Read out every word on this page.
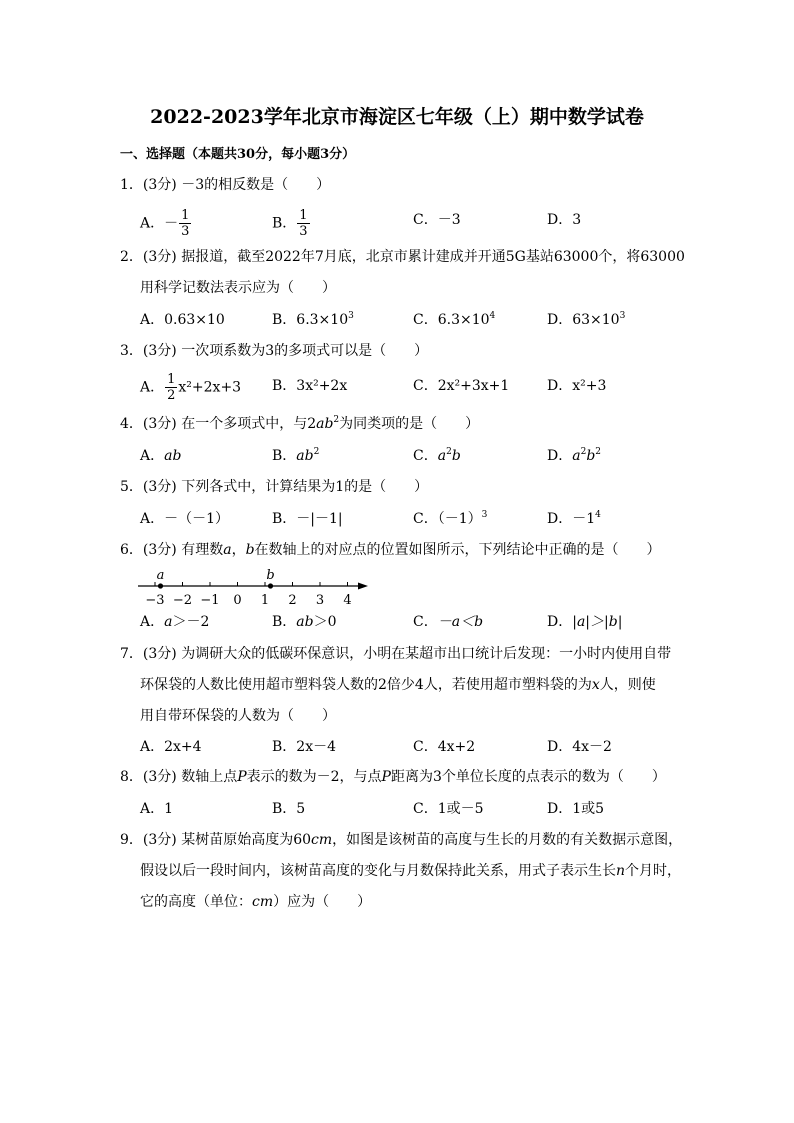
2022-2023学年北京市海淀区七年级（上）期中数学试卷
一、选择题（本题共30分，每小题3分）
1．(3分) －3的相反数是（　　）
A．－ $\frac{1}{3}$	B． $\frac{1}{3}$	C．－3	D．3
2．(3分) 据报道，截至2022年7月底，北京市累计建成并开通5G基站63000个，将63000
用科学记数法表示应为（　　）
A．0.63×10	B．$6.3\times 10^3$	C．$6.3\times 10^4$	D．$63\times 10^3$
3．(3分) 一次项系数为3的多项式可以是（　　）
A． $\frac{1}{2} x^2+2x+3$ B．3x²+2x	C．2x²+3x+1	D．x²+3
4．(3分) 在一个多项式中，与$2ab^2$为同类项的是（　　）
A．ab	B．$ab^2$	C．$a^2b$	D．$a^2b^2$
5．(3分) 下列各式中，计算结果为1的是（　　）
A．－（－1）	B．－|－1|	C．$(-1)^3$	D．$-1^4$
6．(3分) 有理数a，b在数轴上的对应点的位置如图所示，下列结论中正确的是（　　）
−3 −2 −1 0 1 2 3 4
a	b
A．a＞－2	B．ab＞0	C．－a＜b	D．|a|＞|b|
7．(3分) 为调研大众的低碳环保意识，小明在某超市出口统计后发现：一小时内使用自带
环保袋的人数比使用超市塑料袋人数的2倍少4人，若使用超市塑料袋的为x人，则使
用自带环保袋的人数为（　　）
A．2x+4	B．2x－4	C．4x+2	D．4x－2
8．(3分) 数轴上点P表示的数为－2，与点P距离为3个单位长度的点表示的数为（　　）
A．1	B．5	C．1或－5	D．1或5
9．(3分) 某树苗原始高度为60cm，如图是该树苗的高度与生长的月数的有关数据示意图，
假设以后一段时间内，该树苗高度的变化与月数保持此关系，用式子表示生长n个月时，
它的高度（单位：cm）应为（　　）
